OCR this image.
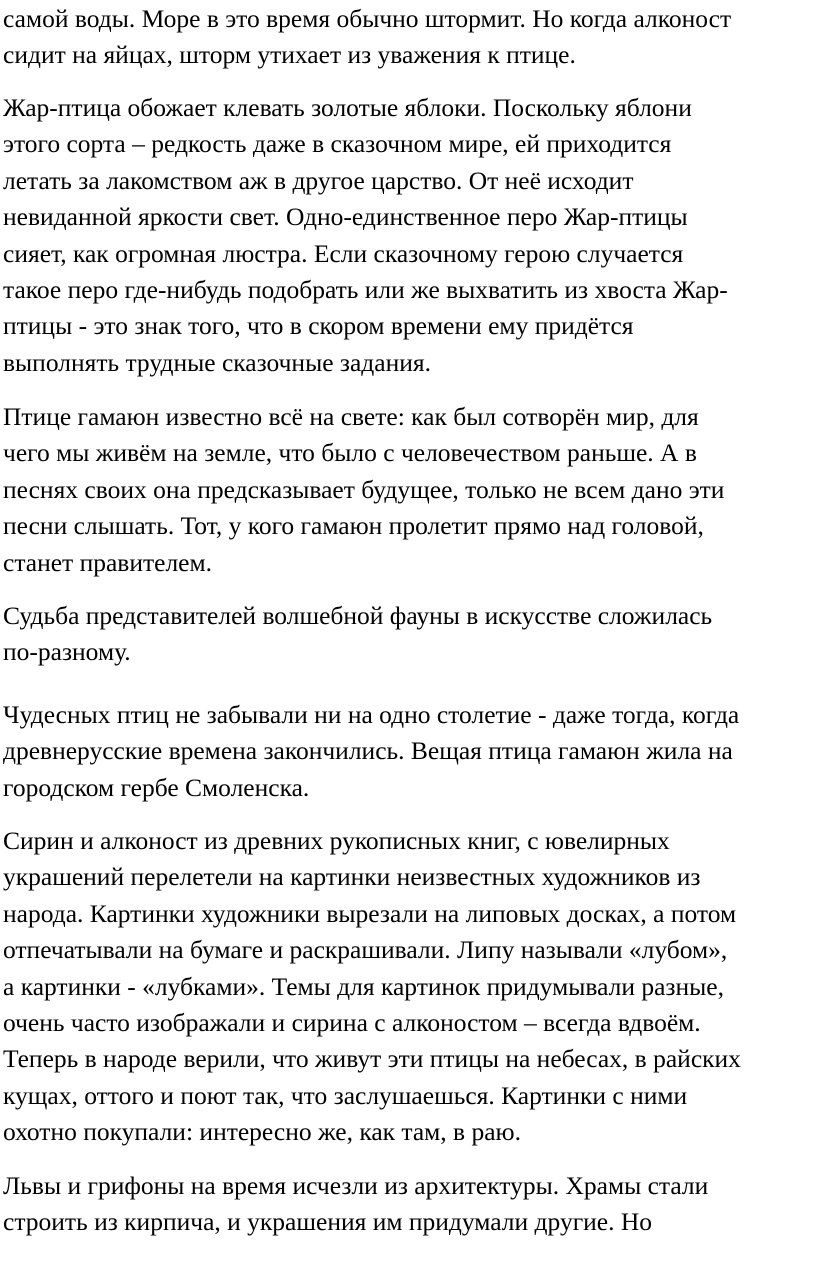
самой воды. Море в это время обычно штормит. Но когда алконост
сидит на яйцах, шторм утихает из уважения к птице.
Жар-птица обожает клевать золотые яблоки. Поскольку яблони
этого сорта – редкость даже в сказочном мире, ей приходится
летать за лакомством аж в другое царство. От неё исходит
невиданной яркости свет. Одно-единственное перо Жар-птицы
сияет, как огромная люстра. Если сказочному герою случается
такое перо где-нибудь подобрать или же выхватить из хвоста Жар-
птицы - это знак того, что в скором времени ему придётся
выполнять трудные сказочные задания.
Птице гамаюн известно всё на свете: как был сотворён мир, для
чего мы живём на земле, что было с человечеством раньше. А в
песнях своих она предсказывает будущее, только не всем дано эти
песни слышать. Тот, у кого гамаюн пролетит прямо над головой,
станет правителем.
Судьба представителей волшебной фауны в искусстве сложилась
по-разному.
Чудесных птиц не забывали ни на одно столетие - даже тогда, когда
древнерусские времена закончились. Вещая птица гамаюн жила на
городском гербе Смоленска.
Сирин и алконост из древних рукописных книг, с ювелирных
украшений перелетели на картинки неизвестных художников из
народа. Картинки художники вырезали на липовых досках, а потом
отпечатывали на бумаге и раскрашивали. Липу называли «лубом»,
а картинки - «лубками». Темы для картинок придумывали разные,
очень часто изображали и сирина с алконостом – всегда вдвоём.
Теперь в народе верили, что живут эти птицы на небесах, в райских
кущах, оттого и поют так, что заслушаешься. Картинки с ними
охотно покупали: интересно же, как там, в раю.
Львы и грифоны на время исчезли из архитектуры. Храмы стали
строить из кирпича, и украшения им придумали другие. Но
